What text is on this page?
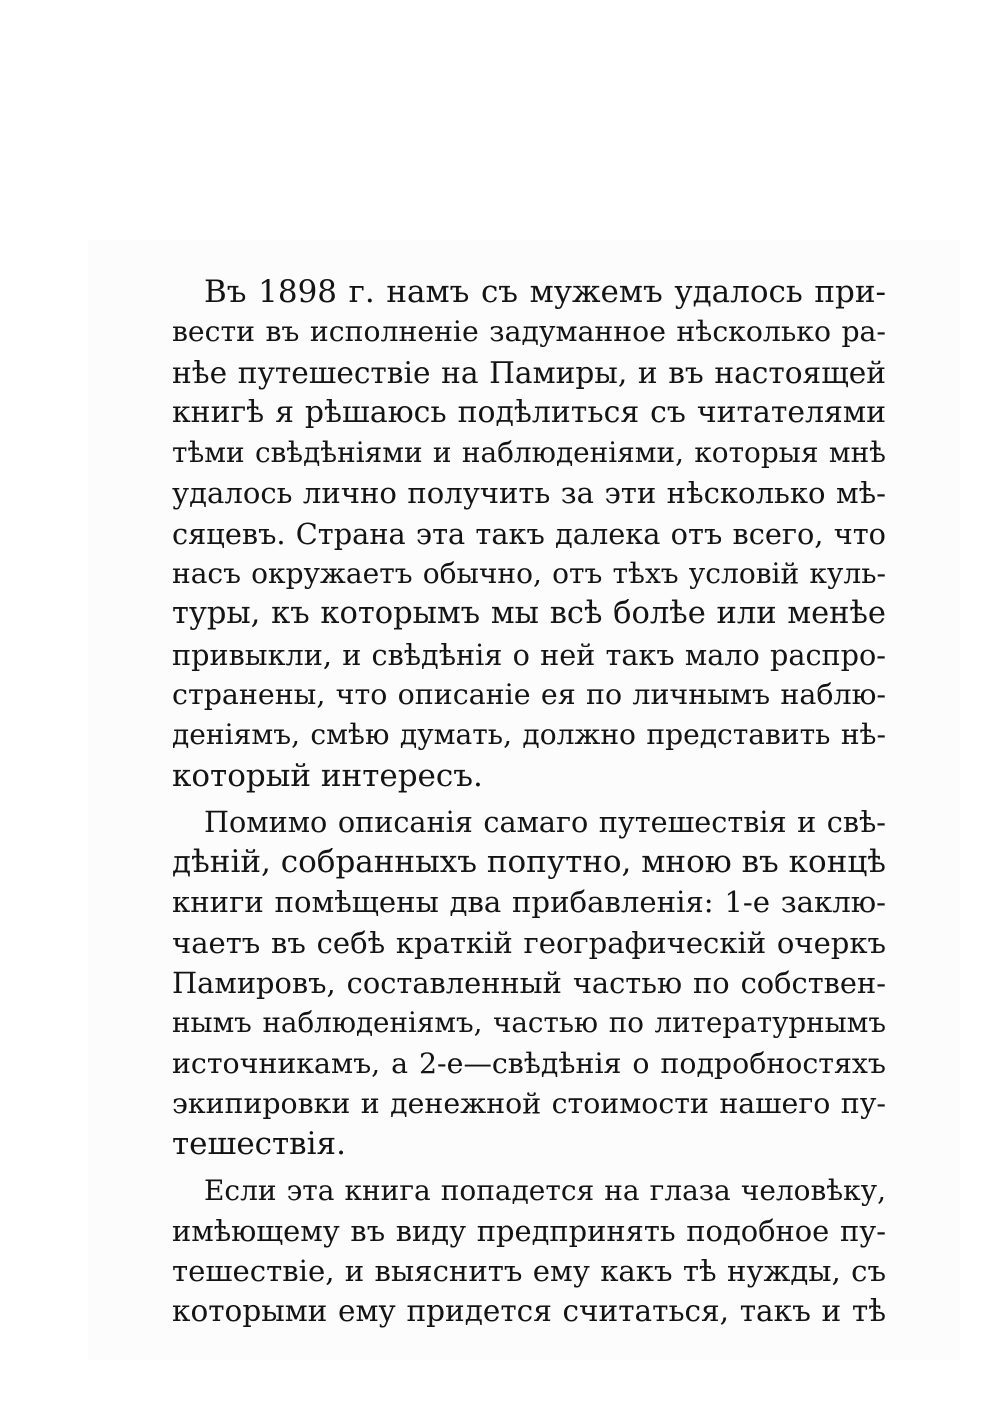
Въ 1898 г. намъ съ мужемъ удалось при-
вести въ исполненіе задуманное нѣсколько ра-
нѣе путешествіе на Памиры, и въ настоящей
книгѣ я рѣшаюсь подѣлиться съ читателями
тѣми свѣдѣніями и наблюденіями, которыя мнѣ
удалось лично получить за эти нѣсколько мѣ-
сяцевъ. Страна эта такъ далека отъ всего, что
насъ окружаетъ обычно, отъ тѣхъ условій куль-
туры, къ которымъ мы всѣ болѣе или менѣе
привыкли, и свѣдѣнія о ней такъ мало распро-
странены, что описаніе ея по личнымъ наблю-
деніямъ, смѣю думать, должно представить нѣ-
который интересъ.

Помимо описанія самаго путешествія и свѣ-
дѣній, собранныхъ попутно, мною въ концѣ
книги помѣщены два прибавленія: 1-е заклю-
чаетъ въ себѣ краткій географическій очеркъ
Памировъ, составленный частью по собствен-
нымъ наблюденіямъ, частью по литературнымъ
источникамъ, а 2-е—свѣдѣнія о подробностяхъ
экипировки и денежной стоимости нашего пу-
тешествія.

Если эта книга попадется на глаза человѣку,
имѣющему въ виду предпринять подобное пу-
тешествіе, и выяснитъ ему какъ тѣ нужды, съ
которыми ему придется считаться, такъ и тѣ
